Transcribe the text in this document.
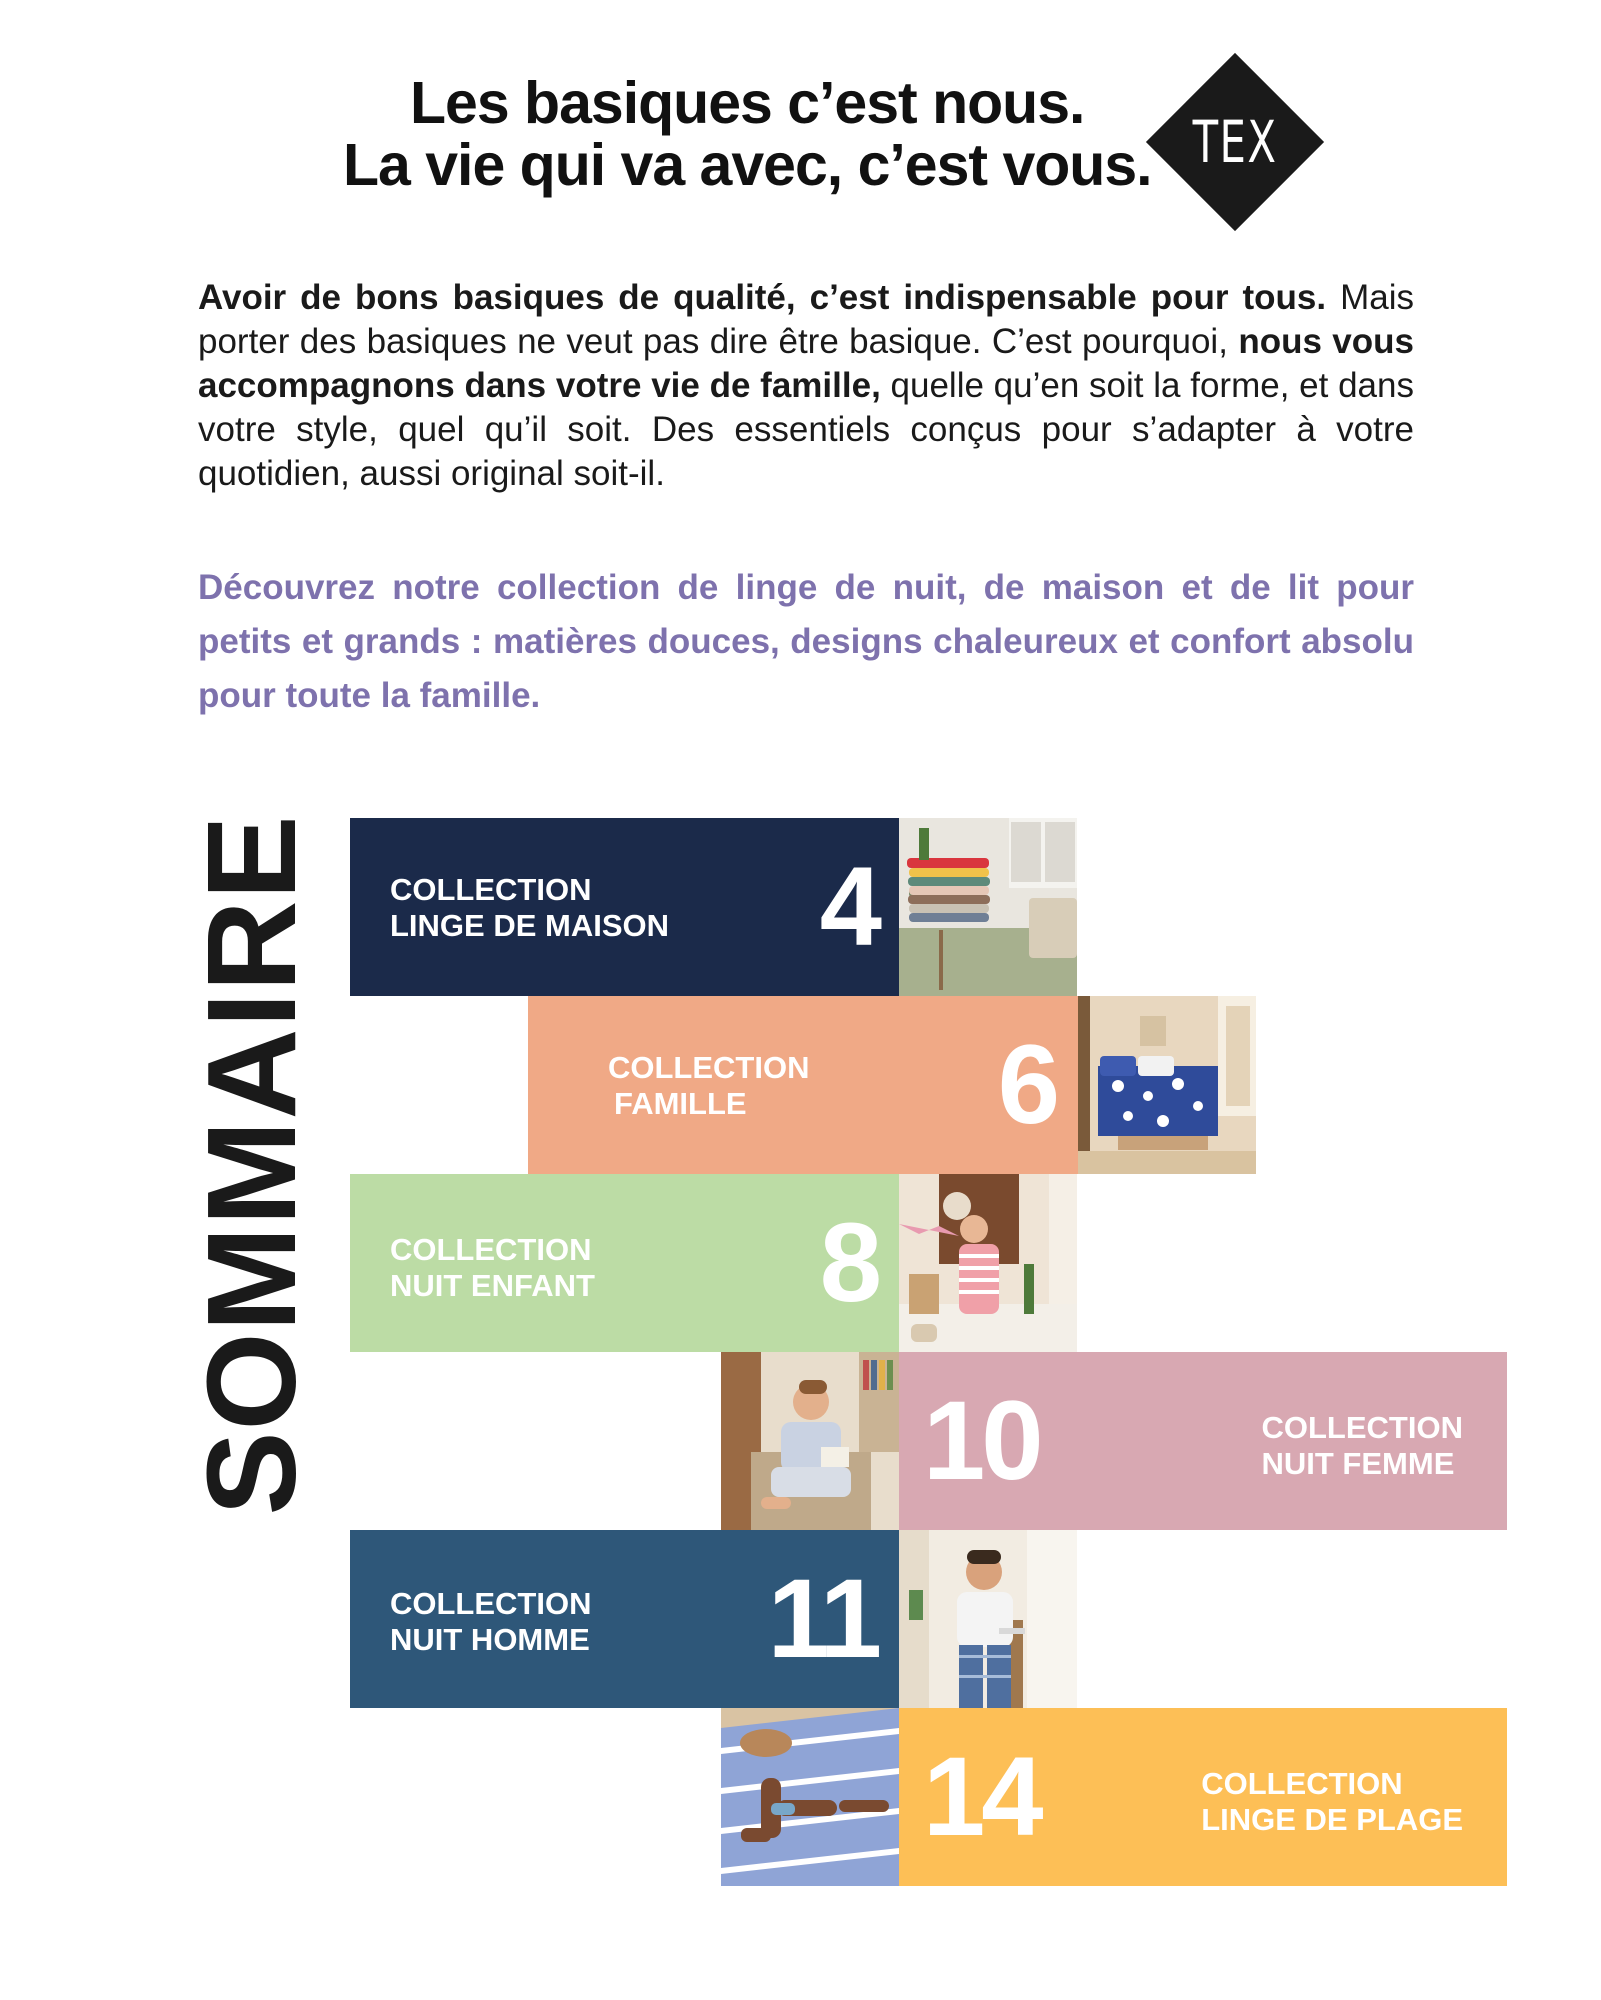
Les basiques c’est nous.
La vie qui va avec, c’est vous. TEX

Avoir de bons basiques de qualité, c’est indispensable pour tous. Mais porter des basiques ne veut pas dire être basique. C’est pourquoi, nous vous accompagnons dans votre vie de famille, quelle qu’en soit la forme, et dans votre style, quel qu’il soit. Des essentiels conçus pour s’adapter à votre quotidien, aussi original soit-il.

Découvrez notre collection de linge de nuit, de maison et de lit pour petits et grands : matières douces, designs chaleureux et confort absolu pour toute la famille.

SOMMAIRE COLLECTION
LINGE DE MAISON 4
COLLECTION
FAMILLE	6
COLLECTION
NUIT ENFANT 8
10	COLLECTION
NUIT FEMME
COLLECTION
NUIT HOMME 11
14	COLLECTION
LINGE DE PLAGE
